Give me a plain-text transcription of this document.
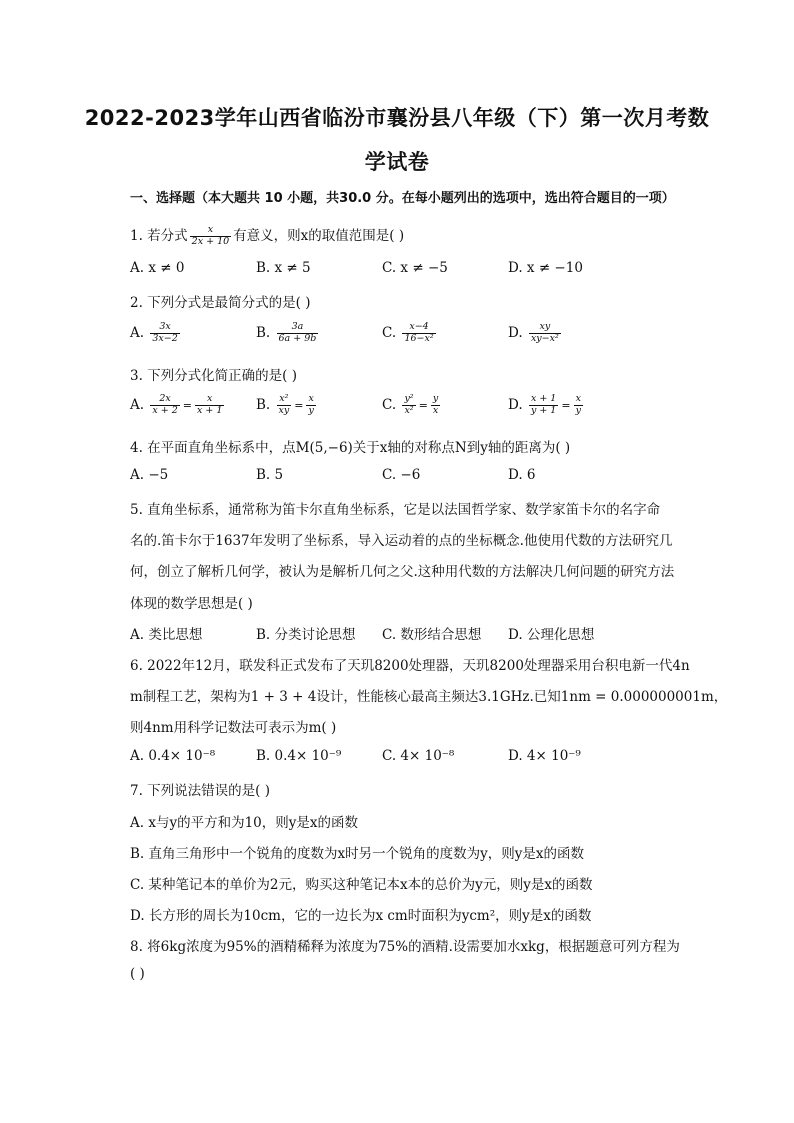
2022-2023学年山西省临汾市襄汾县八年级（下）第一次月考数
学试卷
一、选择题（本大题共 10 小题，共30.0 分。在每小题列出的选项中，选出符合题目的一项）
1. 若分式 $\frac{x}{2x + 10}$ 有意义，则x的取值范围是( )
A. x ≠ 0	B. x ≠ 5	C. x ≠ −5	D. x ≠ −10
2. 下列分式是最简分式的是( )
A. $\frac{3x}{3x-2}$	B. $\frac{3a}{6a + 9b}$	C. $\frac{x-4}{\text{16−x²}}$	D. $\frac{xy}{\text{xy−x²}}$
3. 下列分式化简正确的是( )
A. $\frac{2x}{x + 2} = \frac{x}{x + 1} B$. $\frac{\text{x²}}{xy} = \frac{x}{y}$	C. $\frac{\text{y²}}{\text{x²}} = \frac{y}{x}$	D. $\frac{x + 1}{y + 1} = \frac{x}{y}$
4. 在平面直角坐标系中，点M(5,−6)关于x轴的对称点N到y轴的距离为( )
A. −5	B. 5	C. −6	D. 6
5. 直角坐标系，通常称为笛卡尔直角坐标系，它是以法国哲学家、数学家笛卡尔的名字命
名的.笛卡尔于1637年发明了坐标系，导入运动着的点的坐标概念.他使用代数的方法研究几
何，创立了解析几何学，被认为是解析几何之父.这种用代数的方法解决几何问题的研究方法
体现的数学思想是( )
A. 类比思想	B. 分类讨论思想 C. 数形结合思想 D. 公理化思想
6. 2022年12月，联发科正式发布了天玑8200处理器，天玑8200处理器采用台积电新一代4n
m制程工艺，架构为1 + 3 + 4设计，性能核心最高主频达3.1GHz.已知1nm = 0.000000001m，
则4nm用科学记数法可表示为m( )
A. 0.4× 10⁻⁸	B. 0.4× 10⁻⁹	C. 4× 10⁻⁸	D. 4× 10⁻⁹
7. 下列说法错误的是( )
A. x与y的平方和为10，则y是x的函数
B. 直角三角形中一个锐角的度数为x时另一个锐角的度数为y，则y是x的函数
C. 某种笔记本的单价为2元，购买这种笔记本x本的总价为y元，则y是x的函数
D. 长方形的周长为10cm，它的一边长为x cm时面积为ycm²，则y是x的函数
8. 将6kg浓度为95%的酒精稀释为浓度为75%的酒精.设需要加水xkg，根据题意可列方程为
( )
